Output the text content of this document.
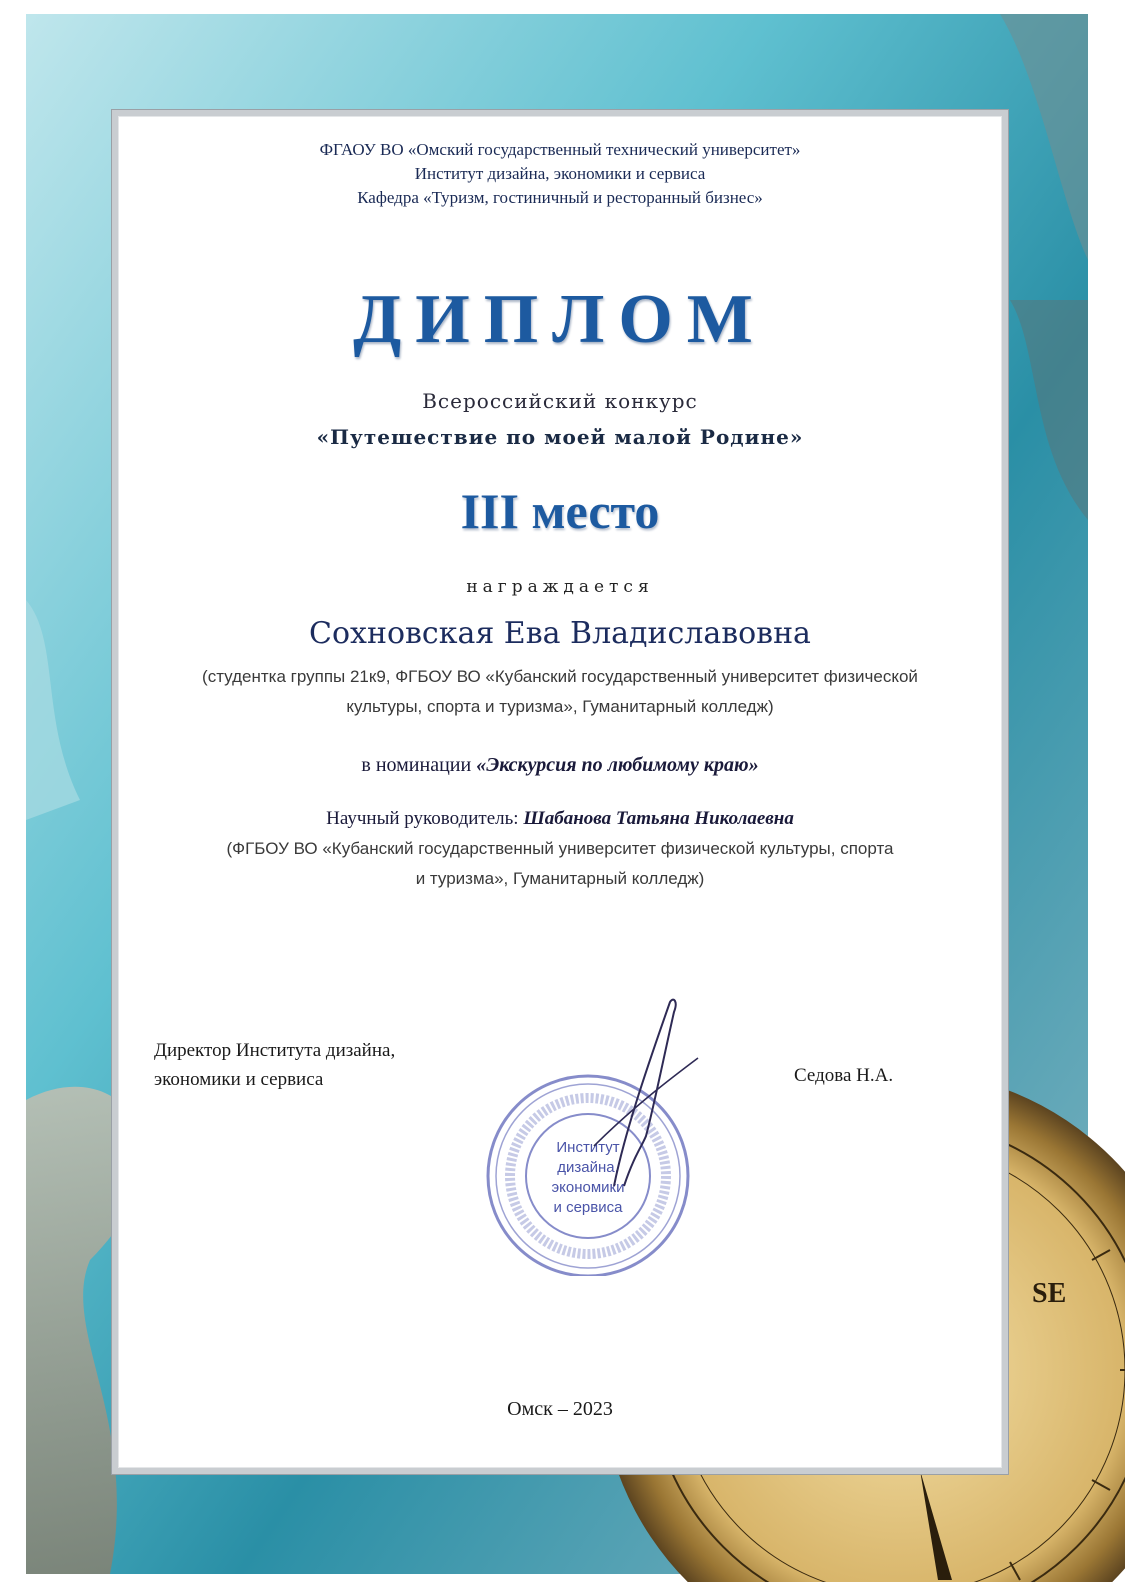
SE
ФГАОУ ВО «Омский государственный технический университет»
Институт дизайна, экономики и сервиса
Кафедра «Туризм, гостиничный и ресторанный бизнес»
ДИПЛОМ
Всероссийский конкурс
«Путешествие по моей малой Родине»
III место
награждается
Сохновская Ева Владиславовна
(студентка группы 21к9, ФГБОУ ВО «Кубанский государственный университет физической
культуры, спорта и туризма», Гуманитарный колледж)
в номинации «Экскурсия по любимому краю»
Научный руководитель: Шабанова Татьяна Николаевна
(ФГБОУ ВО «Кубанский государственный университет физической культуры, спорта
и туризма», Гуманитарный колледж)
Директор Института дизайна,
экономики и сервиса	Седова Н.А.
Институт
дизайна,
экономики
и сервиса
Омск – 2023
